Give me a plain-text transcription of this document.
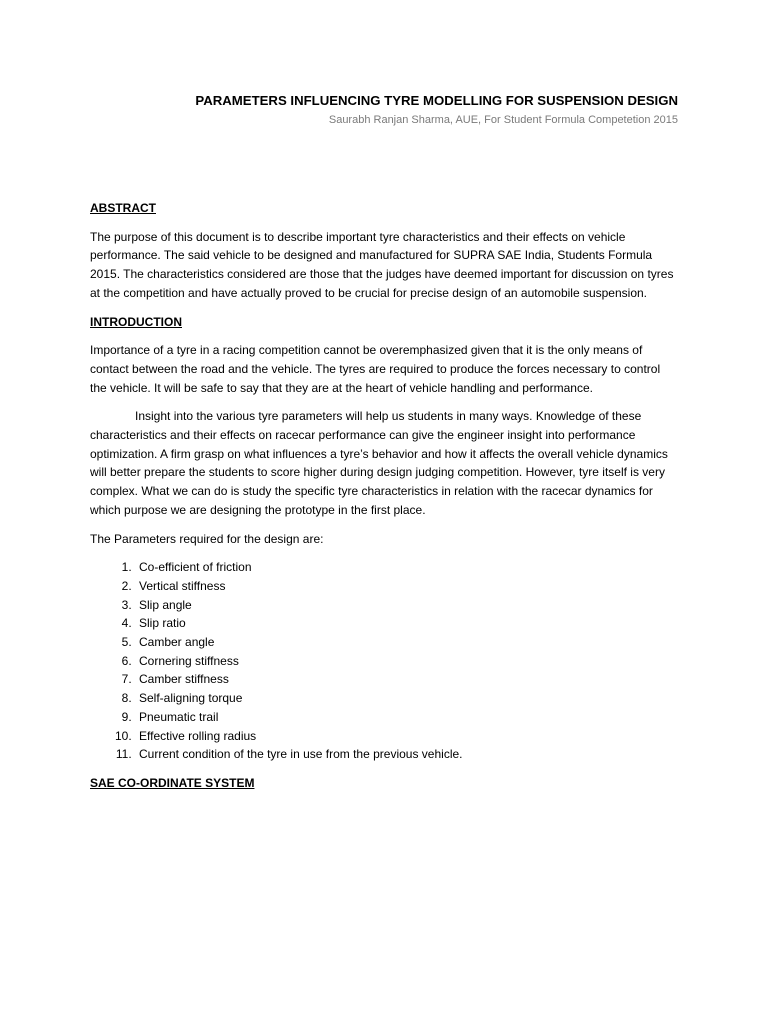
PARAMETERS INFLUENCING TYRE MODELLING FOR SUSPENSION DESIGN
Saurabh Ranjan Sharma, AUE, For Student Formula Competetion 2015
ABSTRACT

The purpose of this document is to describe important tyre characteristics and their effects on vehicle performance. The said vehicle to be designed and manufactured for SUPRA SAE India, Students Formula 2015. The characteristics considered are those that the judges have deemed important for discussion on tyres at the competition and have actually proved to be crucial for precise design of an automobile suspension.

INTRODUCTION

Importance of a tyre in a racing competition cannot be overemphasized given that it is the only means of contact between the road and the vehicle. The tyres are required to produce the forces necessary to control the vehicle. It will be safe to say that they are at the heart of vehicle handling and performance.

Insight into the various tyre parameters will help us students in many ways. Knowledge of these characteristics and their effects on racecar performance can give the engineer insight into performance optimization. A firm grasp on what influences a tyre’s behavior and how it affects the overall vehicle dynamics will better prepare the students to score higher during design judging competition. However, tyre itself is very complex. What we can do is study the specific tyre characteristics in relation with the racecar dynamics for which purpose we are designing the prototype in the first place.

The Parameters required for the design are:

1. Co-efficient of friction
2. Vertical stiffness
3. Slip angle
4. Slip ratio
5. Camber angle
6. Cornering stiffness
7. Camber stiffness
8. Self-aligning torque
9. Pneumatic trail
10. Effective rolling radius
11. Current condition of the tyre in use from the previous vehicle.
SAE CO-ORDINATE SYSTEM
